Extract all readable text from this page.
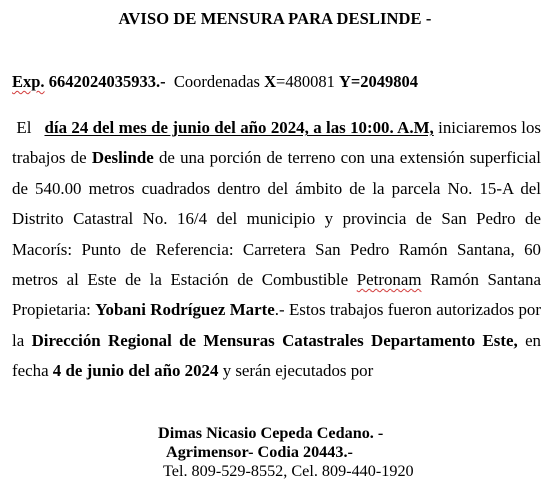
AVISO DE MENSURA PARA DESLINDE -
Exp. 6642024035933.- Coordenadas X=480081 Y=2049804
El día 24 del mes de junio del año 2024, a las 10:00. A.M, iniciaremos los trabajos de Deslinde de una porción de terreno con una extensión superficial de 540.00 metros cuadrados dentro del ámbito de la parcela No. 15-A del Distrito Catastral No. 16/4 del municipio y provincia de San Pedro de Macorís: Punto de Referencia: Carretera San Pedro Ramón Santana, 60 metros al Este de la Estación de Combustible Petronam Ramón Santana Propietaria: Yobani Rodríguez Marte.- Estos trabajos fueron autorizados por la Dirección Regional de Mensuras Catastrales Departamento Este, en fecha 4 de junio del año 2024 y serán ejecutados por
Dimas Nicasio Cepeda Cedano. -
Agrimensor- Codia 20443.-
Tel. 809-529-8552, Cel. 809-440-1920
